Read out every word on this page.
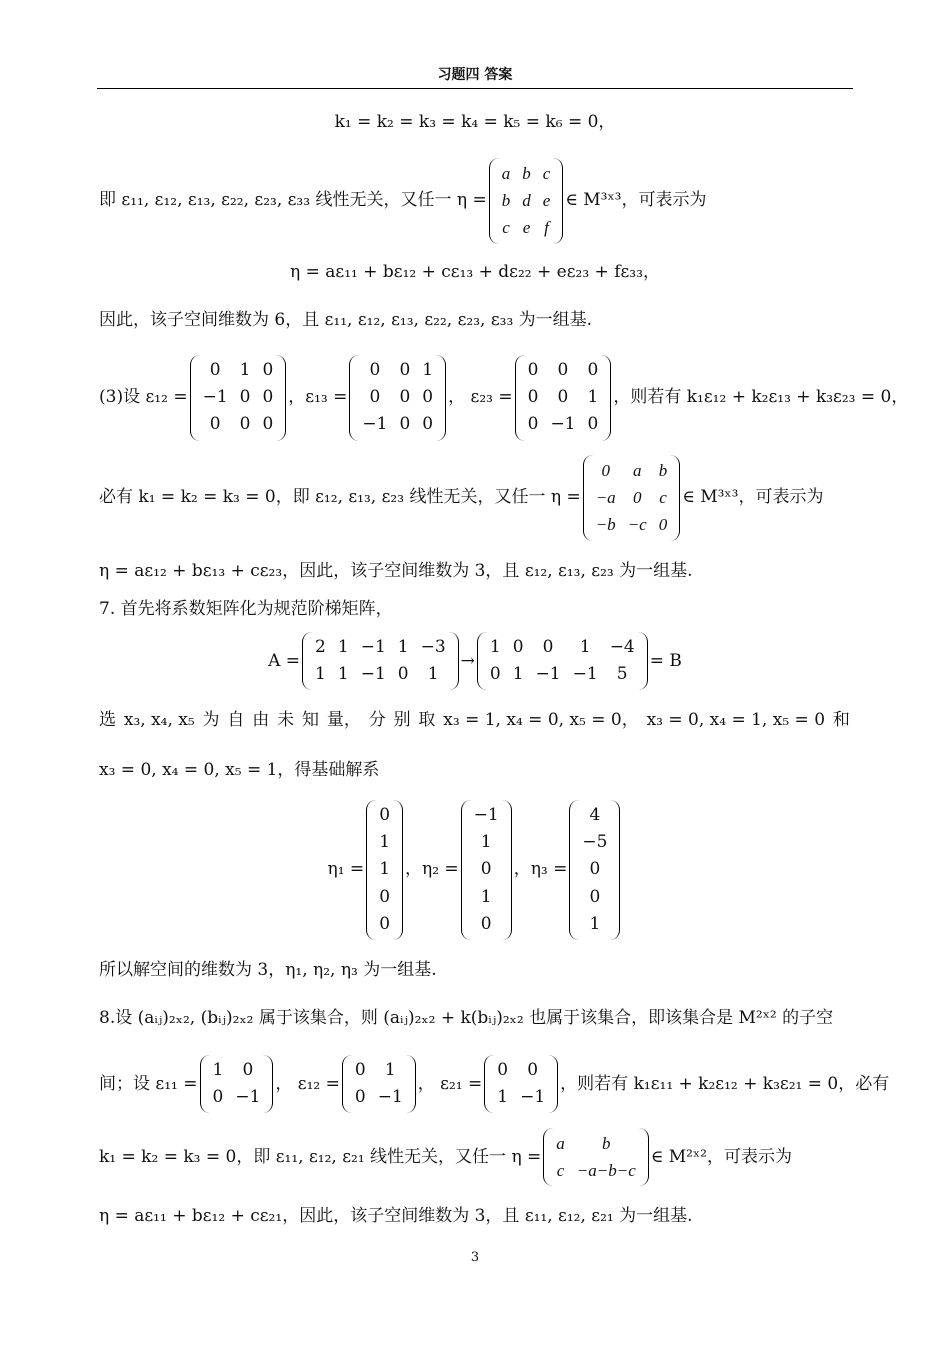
习题四 答案
k₁ = k₂ = k₃ = k₄ = k₅ = k₆ = 0，
即 ε₁₁, ε₁₂, ε₁₃, ε₂₂, ε₂₃, ε₃₃ 线性无关，又任一 η =
a	b	c
b	d	e
c	e	f
∈ M³ˣ³，可表示为
η = aε₁₁ + bε₁₂ + cε₁₃ + dε₂₂ + eε₂₃ + fε₃₃，
因此，该子空间维数为 6，且 ε₁₁, ε₁₂, ε₁₃, ε₂₂, ε₂₃, ε₃₃ 为一组基.
(3)设 ε₁₂ =
0	1	0
−1	0	0
0	0	0
，ε₁₃ =
0	0	1
0	0	0
−1	0	0
， ε₂₃ =
0	0	0
0	0	1
0	−1	0
，则若有 k₁ε₁₂ + k₂ε₁₃ + k₃ε₂₃ = 0，
必有 k₁ = k₂ = k₃ = 0，即 ε₁₂, ε₁₃, ε₂₃ 线性无关，又任一 η =
0	a	b
−a	0	c
−b	−c	0
∈ M³ˣ³，可表示为
η = aε₁₂ + bε₁₃ + cε₂₃，因此，该子空间维数为 3，且 ε₁₂, ε₁₃, ε₂₃ 为一组基.
7. 首先将系数矩阵化为规范阶梯矩阵，
A =
2	1	−1	1	−3
1	1	−1	0	1
→
1	0	0	1	−4
0	1	−1	−1	5
= B
选 x₃, x₄, x₅ 为 自 由 未 知 量， 分 别 取 x₃ = 1, x₄ = 0, x₅ = 0， x₃ = 0, x₄ = 1, x₅ = 0 和
x₃ = 0, x₄ = 0, x₅ = 1，得基础解系
η₁ =
0
1
1
0
0
，η₂ =
−1
1
0
1
0
，η₃ =
4
−5
0
0
1
所以解空间的维数为 3，η₁, η₂, η₃ 为一组基.
8.设 (aᵢⱼ)₂ₓ₂, (bᵢⱼ)₂ₓ₂ 属于该集合，则 (aᵢⱼ)₂ₓ₂ + k(bᵢⱼ)₂ₓ₂ 也属于该集合，即该集合是 M²ˣ² 的子空
间；设 ε₁₁ =
1	0
0	−1
， ε₁₂ =
0	1
0	−1
， ε₂₁ =
0	0
1	−1
，则若有 k₁ε₁₁ + k₂ε₁₂ + k₃ε₂₁ = 0，必有
k₁ = k₂ = k₃ = 0，即 ε₁₁, ε₁₂, ε₂₁ 线性无关，又任一 η =
a	b
c	−a−b−c
∈ M²ˣ²，可表示为
η = aε₁₁ + bε₁₂ + cε₂₁，因此，该子空间维数为 3，且 ε₁₁, ε₁₂, ε₂₁ 为一组基.
3
